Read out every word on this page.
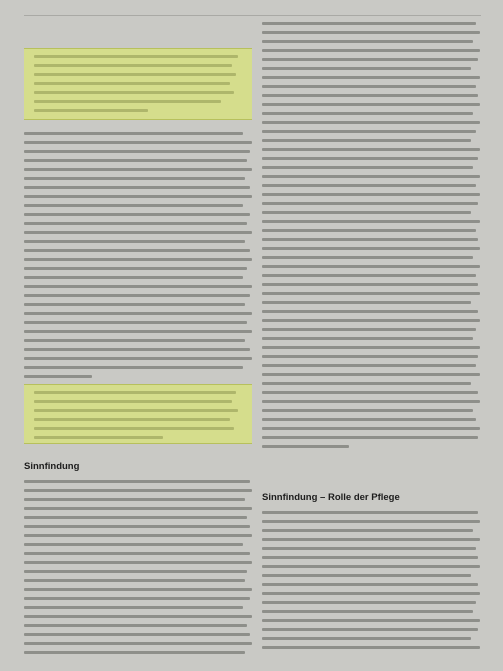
Sinnfindung
Sinnfindung – Rolle der Pflege
